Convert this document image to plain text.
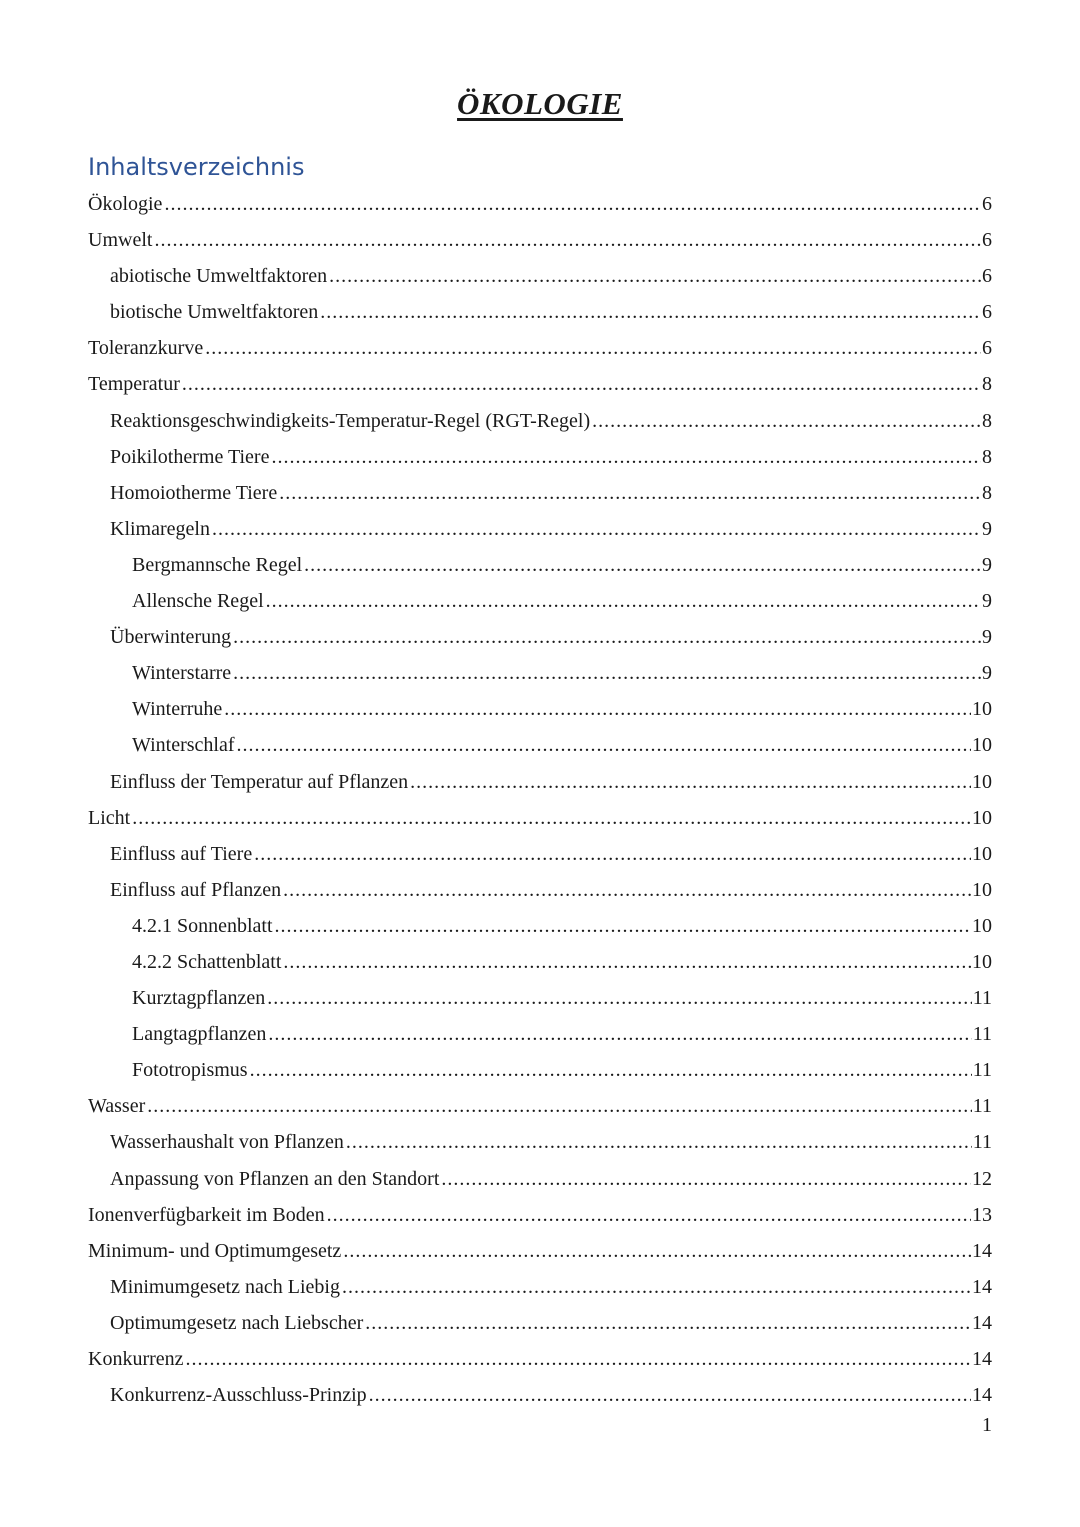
ÖKOLOGIE
Inhaltsverzeichnis
Ökologie .....	6
Umwelt .....	6
abiotische Umweltfaktoren .....	6
biotische Umweltfaktoren .....	6
Toleranzkurve .....	6
Temperatur .....	8
Reaktionsgeschwindigkeits-Temperatur-Regel (RGT-Regel) .....	8
Poikilotherme Tiere .....	8
Homoiotherme Tiere .....	8
Klimaregeln .....	9
Bergmannsche Regel .....	9
Allensche Regel .....	9
Überwinterung .....	9
Winterstarre .....	9
Winterruhe .....	10
Winterschlaf .....	10
Einfluss der Temperatur auf Pflanzen .....	10
Licht .....	10
Einfluss auf Tiere .....	10
Einfluss auf Pflanzen .....	10
4.2.1 Sonnenblatt .....	10
4.2.2 Schattenblatt .....	10
Kurztagpflanzen .....	11
Langtagpflanzen .....	11
Fototropismus .....	11
Wasser .....	11
Wasserhaushalt von Pflanzen .....	11
Anpassung von Pflanzen an den Standort .....	12
Ionenverfügbarkeit im Boden .....	13
Minimum- und Optimumgesetz .....	14
Minimumgesetz nach Liebig .....	14
Optimumgesetz nach Liebscher .....	14
Konkurrenz .....	14
Konkurrenz-Ausschluss-Prinzip .....	14
1
